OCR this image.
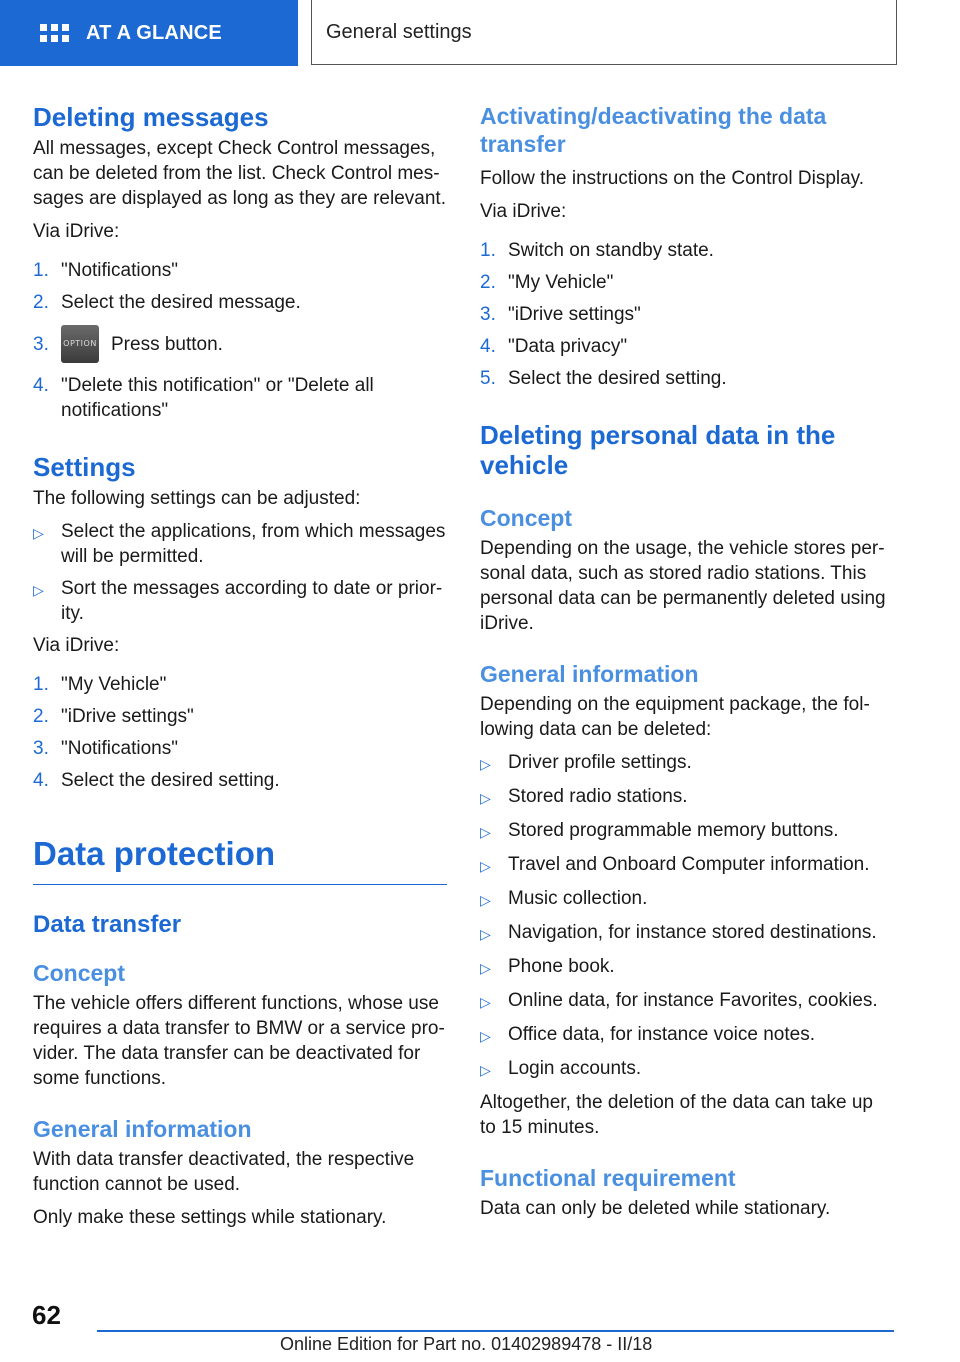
AT A GLANCE	General settings
Deleting messages

All messages, except Check Control messages, can be deleted from the list. Check Control messages are displayed as long as they are relevant.

Via iDrive:

1. "Notifications"
2. Select the desired message.
3.	OPTION Press button.
4. "Delete this notification" or "Delete all notifications"
Settings

The following settings can be adjusted:

▷ Select the applications, from which messages will be permitted.
▷ Sort the messages according to date or priority.

Via iDrive:

1. "My Vehicle"
2. "iDrive settings"
3. "Notifications"
4. Select the desired setting.
Data protection
Data transfer
Concept

The vehicle offers different functions, whose use requires a data transfer to BMW or a service provider. The data transfer can be deactivated for some functions.

General information

With data transfer deactivated, the respective function cannot be used.

Only make these settings while stationary.

Activating/deactivating the data transfer

Follow the instructions on the Control Display.

Via iDrive:

1. Switch on standby state.
2. "My Vehicle"
3. "iDrive settings"
4. "Data privacy"
5. Select the desired setting.
Deleting personal data in the vehicle
Concept

Depending on the usage, the vehicle stores personal data, such as stored radio stations. This personal data can be permanently deleted using iDrive.

General information

Depending on the equipment package, the following data can be deleted:

▷ Driver profile settings.
▷ Stored radio stations.
▷ Stored programmable memory buttons.
▷ Travel and Onboard Computer information.
▷ Music collection.
▷ Navigation, for instance stored destinations.
▷ Phone book.
▷ Online data, for instance Favorites, cookies.
▷ Office data, for instance voice notes.
▷ Login accounts.

Altogether, the deletion of the data can take up to 15 minutes.

Functional requirement

Data can only be deleted while stationary.

62
Online Edition for Part no. 01402989478 - II/18
